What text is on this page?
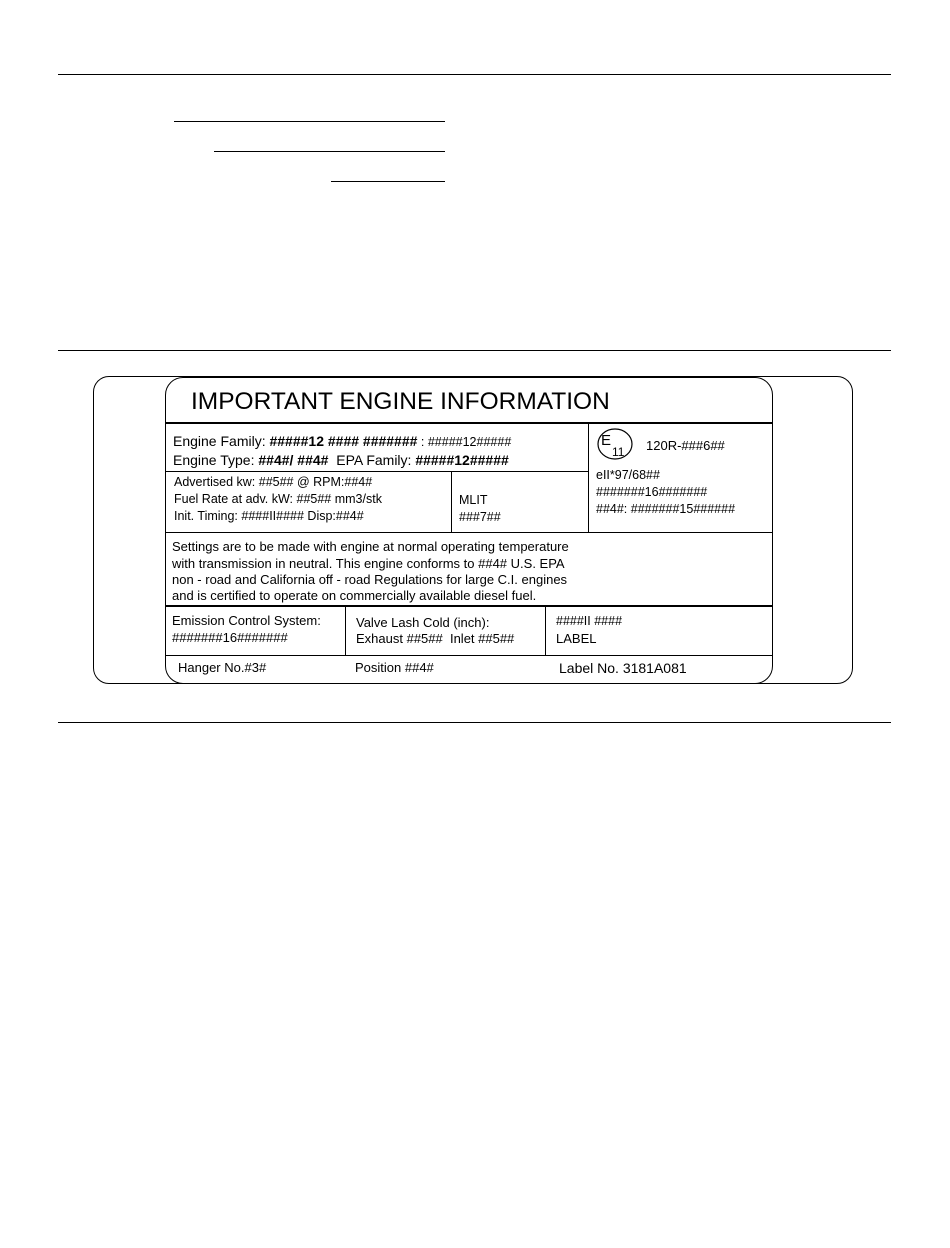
IMPORTANT ENGINE INFORMATION
Engine Family: #####12 #### ####### : #####12#####
Engine Type: ##4#/ ##4# EPA Family: #####12#####
E
11 120R-###6##
eII*97/68##
#######16#######
##4#: #######15######
Advertised kw: ##5## @ RPM:##4#
Fuel Rate at adv. kW: ##5## mm3/stk
Init. Timing: ####II#### Disp:##4#
MLIT
###7##
Settings are to be made with engine at normal operating temperature
with transmission in neutral. This engine conforms to ##4# U.S. EPA
non - road and California off - road Regulations for large C.I. engines
and is certified to operate on commercially available diesel fuel.
Emission Control System:
#######16#######
Valve Lash Cold (inch):
Exhaust ##5##  Inlet ##5##
####II ####
LABEL
Hanger No.#3#	Position ##4#	Label No. 3181A081
